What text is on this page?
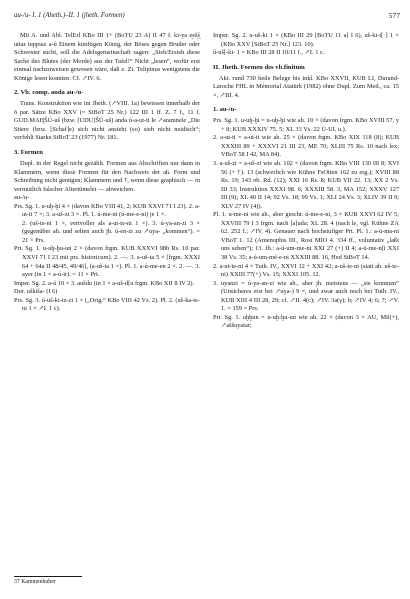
au-/u- I. 1 (Aheth.)–II. 1 (jheth. Formen)	577

Mit A. und Abl. TelErl KBo III 1+ (BoTU 23 A) II 47 f. ki-ya e̮eš̮š̮ uttar tuppiaz a-ú Einem künftigen König, der Böses gegen Bruder oder Schwester sucht, soll die Adelsgemeinschaft sagen: „Sieh/Ersieh diese Sache des Blutes (der Morde) aus der Tafel!“ Nicht „lesen“, wofür erst einmal nachzuweisen gewesen wäre, daß z. Zt. Telipinus wenigstens die Könige lesen konnten. Cf. ↗IV. 6.

2. Vb. comp. anda au-/u-

Trans. Konstruktion wie im Jheth. (↗VIII. 1a) bewiesen innerhalb der 6 par. Sätze KBo XXV (= StBoT 25 Nr.) 122 III 1 ff. Z. 7 f., 11 f. GUD.MAH̬ŠÚ-uš (bzw. [UDU]ŠÚ-uš) anda ú-a-ut-ti le ↗aramnele „Die Stiere (bzw. [Schaf]e) sich nicht ansieht (so) sieh nicht neidisch“; verfehlt Starke StBoT 23 (1977) Nr. 181.

3. Formen

Dupl. in der Regel nicht gezählt. Formen aus Abschriften nur dann in Klammern, wenn diese Formen für den Nachweis der ah. Form und Schreibung nicht genügen; Klammern und †, wenn diese graphisch — in vermutlich falscher Altertümelei — abweichen.

au-/u-

Prs. Sg. 1. u-uḫ-ḫi 4 × (davon KBo VIII 41, 2; KUB XXVI 71 I 23). 2. a-ut-ti 7 ×; 3. a-uš-zi 3 ×. Pl. 1. ú-me-ni (ú-me-e-ni) je 1 ×.

2. (uš-te-ni 1 ×, vertvoller als a-ut-te-ni 1 ×). 3. ú-ya-an-zi 3 × (gegenüber ah. und selten auch jh. ú-en-zi zu ↗uya- „kommen“). = 21 × Prs.

Prt. Sg. 1. u-uḫ-ḫu-un 2 × (davon frgm. KUB XXXVI 98b Rs. 10 par. XXVI 71 I 23 mit prs. historicum). 2. —. 3. a-uš-ta 5 × [frgm. XXXI 64 + 64a II 48/45, 49/46], (a-uš-ta 1 ×). Pl. 1. a-ú-me-en 2 ×. 2. —. 3. ayer (in 1 × a-ú-ir). = 11 × Prt.

Imper. Sg. 2. a-ú 10 × 3. aušdu (in 1 × a-uš-d[u frgm. KBo XII 8 IV 2).

Dur. uškiša- (I 6)

Prs. Sg. 3. ú-uš-ki-iz-zi 1 × („Orig.“ KBo VIII 42 Vs. 2). Pl. 2. (uš-ka-te-ni 1 × ↗I. 1 c).

Imper. Sg. 2. u-uš-ki 1 × (KBo III 29 [BoTU 11 a] I 6), uš-ki-i[ ] 1 × (KBo XXV [StBoT 25 Nr.] 123. 10).

ú-uš[-ki- 1 × KBo III 28 II 10/11 f., ↗I. 1 c.

II. Jheth. Formen des vb.finitum

Akt. rund 730 heile Belege bis inkl. KBo XXVII, KUB LI, Durand-Laroche FHL in Mémorial Atatürk (1982) ohne Dupl. Zum Med., ca. 15 ×, ↗III. 4.

1. au-/u-

Prs. Sg. 1. u-uḫ-ḫi = u-uḫ-ḫi wie ah. 10 × (davon frgm. KBo XVIII 57, y + 8; KUB XXXIV 75. 5; XL 33 Vs. 22 Ú-UL u.).

2. a-ut-ti = a-ut-ti wie ah. 25 × (davon frgm. KBo XIX 118 (8); KUB XXXIII 89 + XXXVI 21 III 23, ME 70; XLIII 75 Rs. 10 nach lex; VBoT 58 I 42, MA 84).

3. a-uš-zi = a-uš-zi wie ah. 102 × (davon frgm. KBo VIII 130 III 8; XVI 56 (+ †). 13 (schwerlich wie Kühne FsOtten 162 zu erg.); XVIII 88 Rs. 19; 143 ob. Rd. (12); XXI 16 Rs. 8; KUB VII 22. 13; XX 2 Vs. III 33; Instruktion XXXI 98. 6; XXXIII 58. 3, MA 152; XXXV 127 III (9); XL 40 II 14; 92 Vs. 18; 99 Vs. 1; XLI 24 Vs. 3; XLIV 39 II 9; XLV 27 IV (4)).

Pl. 1. u-me-ni wie ah., aber geschr. ú-me-e-ni, 3 × KUB XXVI 62 IV 5; XXVIII 79 I 3 frgm. nach [a]uda; XL 28. 4 (nach le, vgl. Kühne ZA 62. 252 f.; ↗IV. 4). Genauer nach hochstufiger Prt. Pl. 1.: a-ú-ma-ni VBoT 1. 12 (Amenophis III., Rost MIO 4. 334 ff., voluntativ „laßt uns sehen“); 13. Jh.: a-ú-um-me-ni XXI 27 (+) II 4; a-ú-me-n[i XXI 38 Vs. 35; a-ú-um-mé-e-ni XXXIII 88. 16, Hed StBoT 14.

2. a-ut-te-ni 4 × Tuth. IV., XXVI 12 + XXI 42; a-uš-te-ni (statt ah. uš-te-ni) XXIII 77(+) Vs. 15; XXXI 105. 12.

3. uyanzi = ú-ya-an-zi wie ah., aber jh. meistens — „sie kommen“ (Unsicheres erst bei ↗uya-) 9 ×, und zwar auch noch bei Tuth. IV., KUB XIII 4 III 28, 29; cf. ↗II. 4(c); ↗IV. 3a(γ); b; ↗IV 4; 6; 7; ↗V. 1. = 159 × Prs.

Prt. Sg. 1. uḫḫun = u-uḫ-ḫu-un wie ah. 22 × (davon 3 × AU, Mil(+), ↗aššuyatar;

37 Kammenhuber
